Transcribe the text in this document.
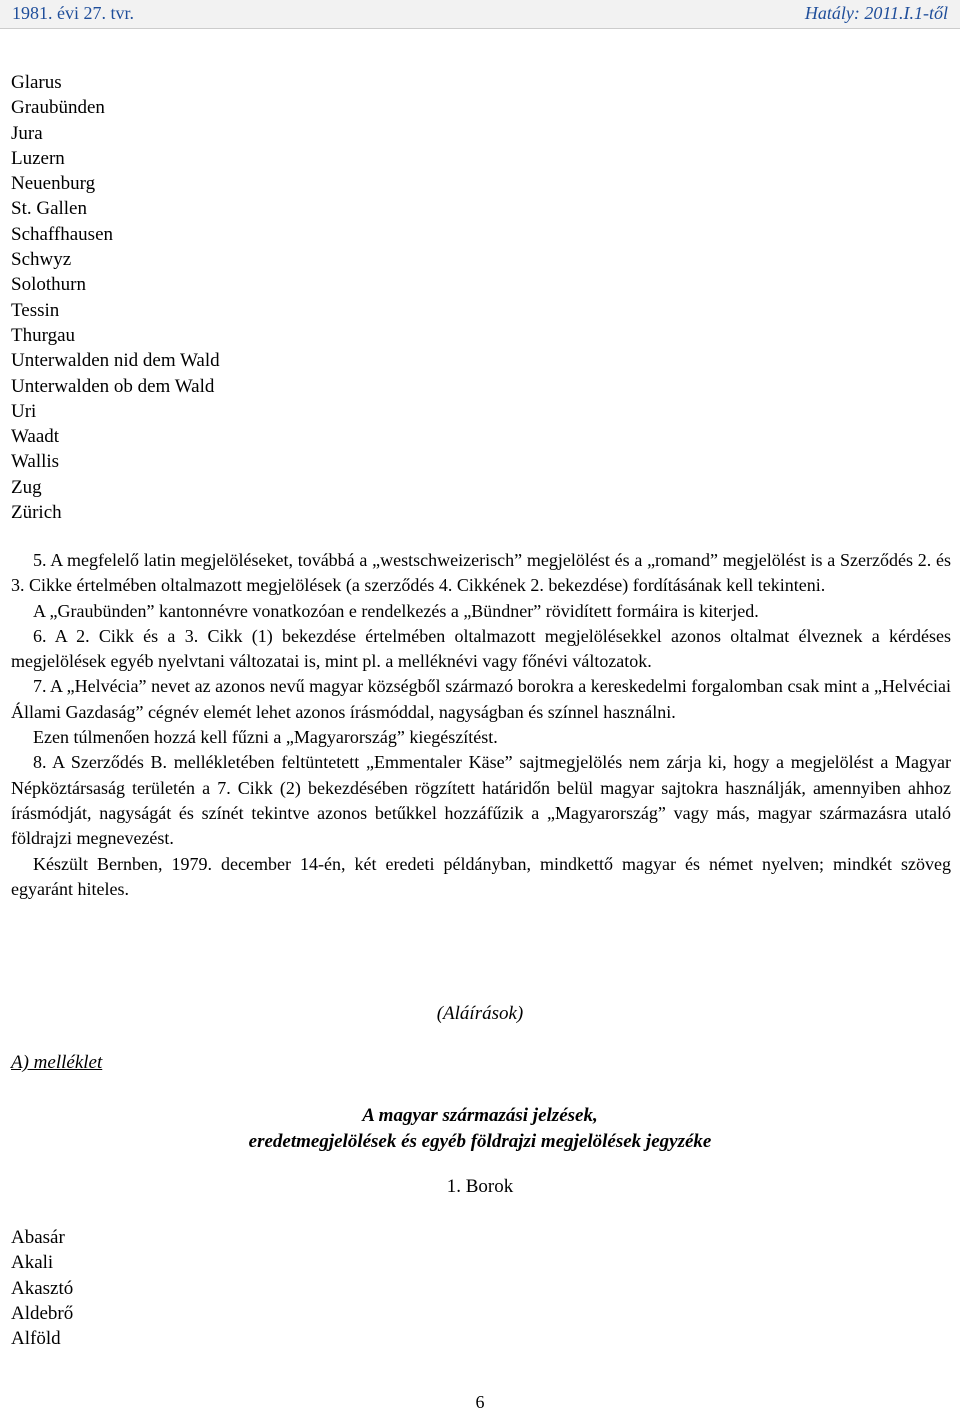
1981. évi 27. tvr.	Hatály: 2011.I.1-től
Glarus
Graubünden
Jura
Luzern
Neuenburg
St. Gallen
Schaffhausen
Schwyz
Solothurn
Tessin
Thurgau
Unterwalden nid dem Wald
Unterwalden ob dem Wald
Uri
Waadt
Wallis
Zug
Zürich

5. A megfelelő latin megjelöléseket, továbbá a „westschweizerisch” megjelölést és a „romand” megjelölést is a Szerződés 2. és 3. Cikke értelmében oltalmazott megjelölések (a szerződés 4. Cikkének 2. bekezdése) fordításának kell tekinteni.

A „Graubünden” kantonnévre vonatkozóan e rendelkezés a „Bündner” rövidített formáira is kiterjed.

6. A 2. Cikk és a 3. Cikk (1) bekezdése értelmében oltalmazott megjelölésekkel azonos oltalmat élveznek a kérdéses megjelölések egyéb nyelvtani változatai is, mint pl. a melléknévi vagy főnévi változatok.

7. A „Helvécia” nevet az azonos nevű magyar községből származó borokra a kereskedelmi forgalomban csak mint a „Helvéciai Állami Gazdaság” cégnév elemét lehet azonos írásmóddal, nagyságban és színnel használni.

Ezen túlmenően hozzá kell fűzni a „Magyarország” kiegészítést.

8. A Szerződés B. mellékletében feltüntetett „Emmentaler Käse” sajtmegjelölés nem zárja ki, hogy a megjelölést a Magyar Népköztársaság területén a 7. Cikk (2) bekezdésében rögzített határidőn belül magyar sajtokra használják, amennyiben ahhoz írásmódját, nagyságát és színét tekintve azonos betűkkel hozzáfűzik a „Magyarország” vagy más, magyar származásra utaló földrajzi megnevezést.

Készült Bernben, 1979. december 14-én, két eredeti példányban, mindkettő magyar és német nyelven; mindkét szöveg egyaránt hiteles.

(Aláírások)
A) melléklet
A magyar származási jelzések,
eredetmegjelölések és egyéb földrajzi megjelölések jegyzéke
1. Borok
Abasár
Akali
Akasztó
Aldebrő
Alföld
6
